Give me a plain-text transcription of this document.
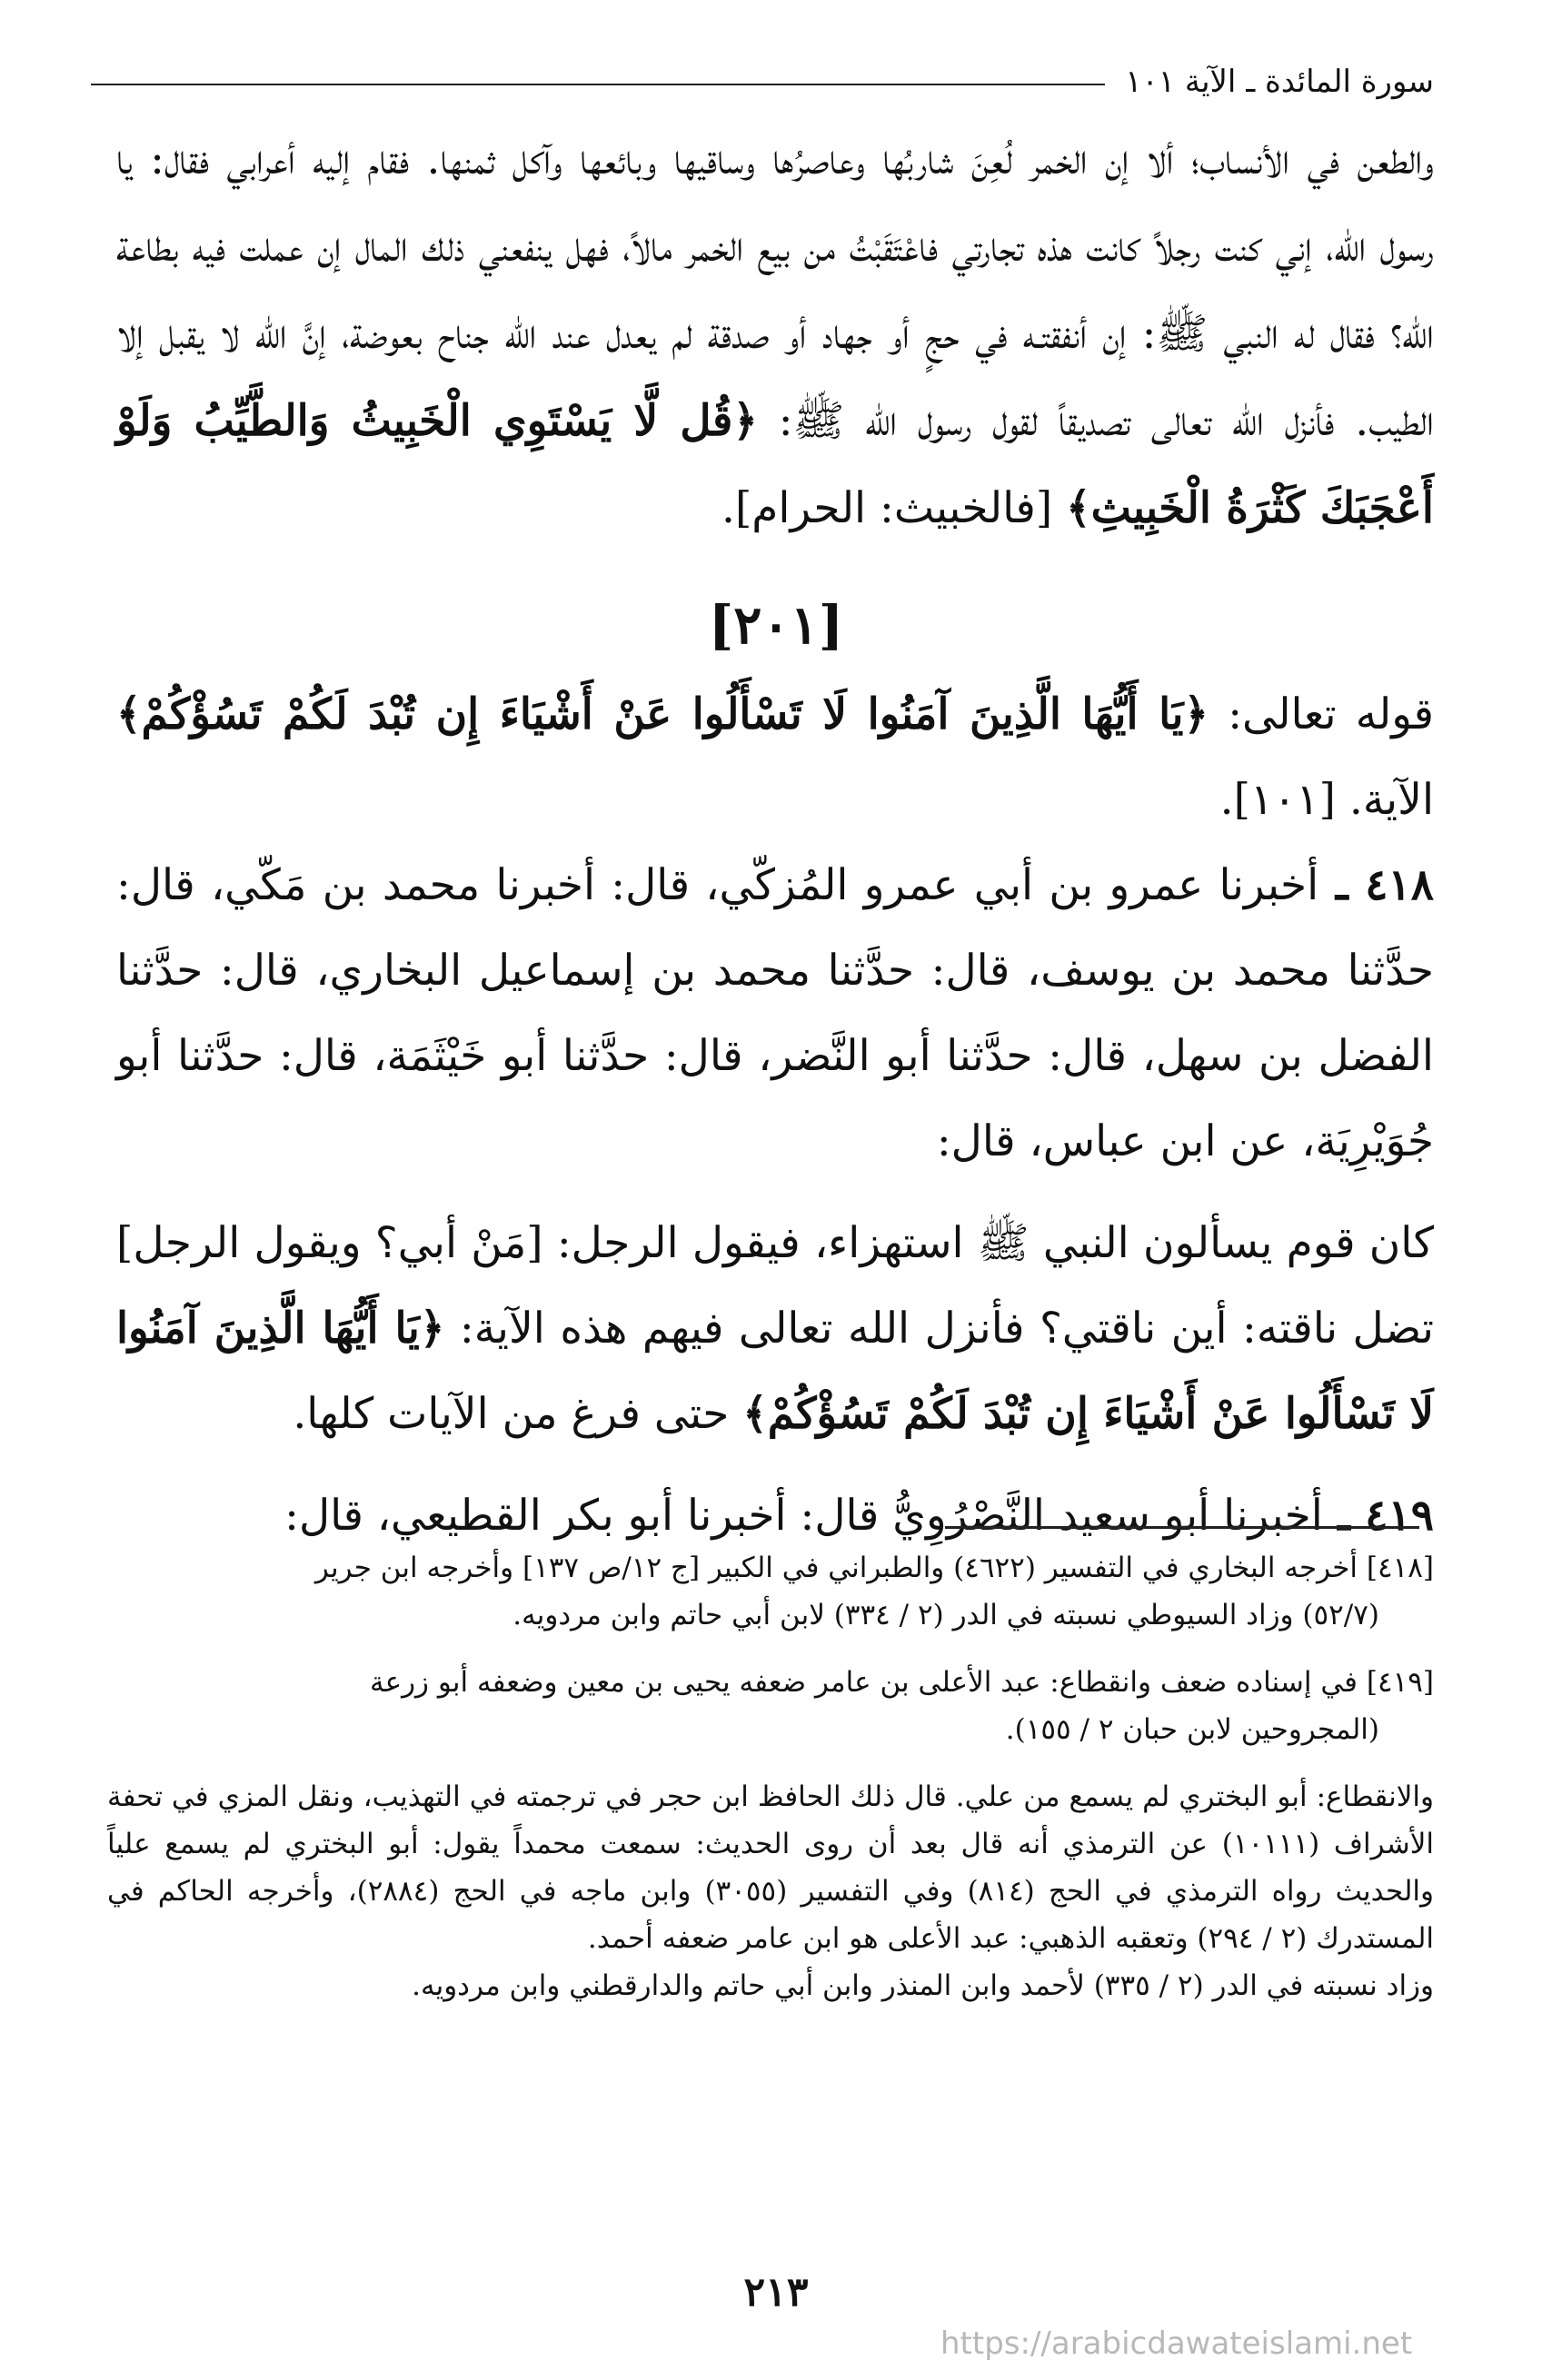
سورة المائدة ـ الآية ١٠١

والطعن في الأنساب؛ ألا إن الخمر لُعِنَ شاربُها وعاصرُها وساقيها وبائعها وآكل ثمنها. فقام إليه أعرابي فقال: يا رسول الله، إني كنت رجلاً كانت هذه تجارتي فاعْتَقَبْتُ من بيع الخمر مالاً، فهل ينفعني ذلك المال إن عملت فيه بطاعة الله؟ فقال له النبي ﷺ: إن أنفقتـه في حجٍ أو جهاد أو صدقة لم يعدل عند الله جناح بعوضة، إنَّ الله لا يقبل إلا الطيب. فأنزل الله تعالى تصديقاً لقول رسول الله ﷺ: ﴿قُل لَّا يَسْتَوِي الْخَبِيثُ وَالطَّيِّبُ وَلَوْ أَعْجَبَكَ كَثْرَةُ الْخَبِيثِ﴾ [فالخبيث: الحرام].

[٢٠١]

قوله تعالى: ﴿يَا أَيُّهَا الَّذِينَ آمَنُوا لَا تَسْأَلُوا عَنْ أَشْيَاءَ إِن تُبْدَ لَكُمْ تَسُؤْكُمْ﴾ الآية. [١٠١].

٤١٨ ـ أخبرنا عمرو بن أبي عمرو المُزكّي، قال: أخبرنا محمد بن مَكّي، قال: حدَّثنا محمد بن يوسف، قال: حدَّثنا محمد بن إسماعيل البخاري، قال: حدَّثنا الفضل بن سهل، قال: حدَّثنا أبو النَّضر، قال: حدَّثنا أبو خَيْثَمَة، قال: حدَّثنا أبو جُوَيْرِيَة، عن ابن عباس، قال:

كان قوم يسألون النبي ﷺ استهزاء، فيقول الرجل: [مَنْ أبي؟ ويقول الرجل] تضل ناقته: أين ناقتي؟ فأنزل الله تعالى فيهم هذه الآية: ﴿يَا أَيُّهَا الَّذِينَ آمَنُوا لَا تَسْأَلُوا عَنْ أَشْيَاءَ إِن تُبْدَ لَكُمْ تَسُؤْكُمْ﴾ حتى فرغ من الآيات كلها.

٤١٩ ـ أخبرنا أبو سعيد النَّصْرُوِيُّ قال: أخبرنا أبو بكر القطيعي، قال:

[٤١٨] أخرجه البخاري في التفسير (٤٦٢٢) والطبراني في الكبير [ج ١٢/ص ١٣٧] وأخرجه ابن جرير

(٥٢/٧) وزاد السيوطي نسبته في الدر (٢ / ٣٣٤) لابن أبي حاتم وابن مردويه.

[٤١٩] في إسناده ضعف وانقطاع: عبد الأعلى بن عامر ضعفه يحيى بن معين وضعفه أبو زرعة

(المجروحين لابن حبان ٢ / ١٥٥).

والانقطاع: أبو البختري لم يسمع من علي. قال ذلك الحافظ ابن حجر في ترجمته في التهذيب، ونقل المزي في تحفة الأشراف (١٠١١١) عن الترمذي أنه قال بعد أن روى الحديث: سمعت محمداً يقول: أبو البختري لم يسمع علياً والحديث رواه الترمذي في الحج (٨١٤) وفي التفسير (٣٠٥٥) وابن ماجه في الحج (٢٨٨٤)، وأخرجه الحاكم في المستدرك (٢ / ٢٩٤) وتعقبه الذهبي: عبد الأعلى هو ابن عامر ضعفه أحمد.

وزاد نسبته في الدر (٢ / ٣٣٥) لأحمد وابن المنذر وابن أبي حاتم والدارقطني وابن مردويه.

٢١٣
https://arabicdawateislami.net
